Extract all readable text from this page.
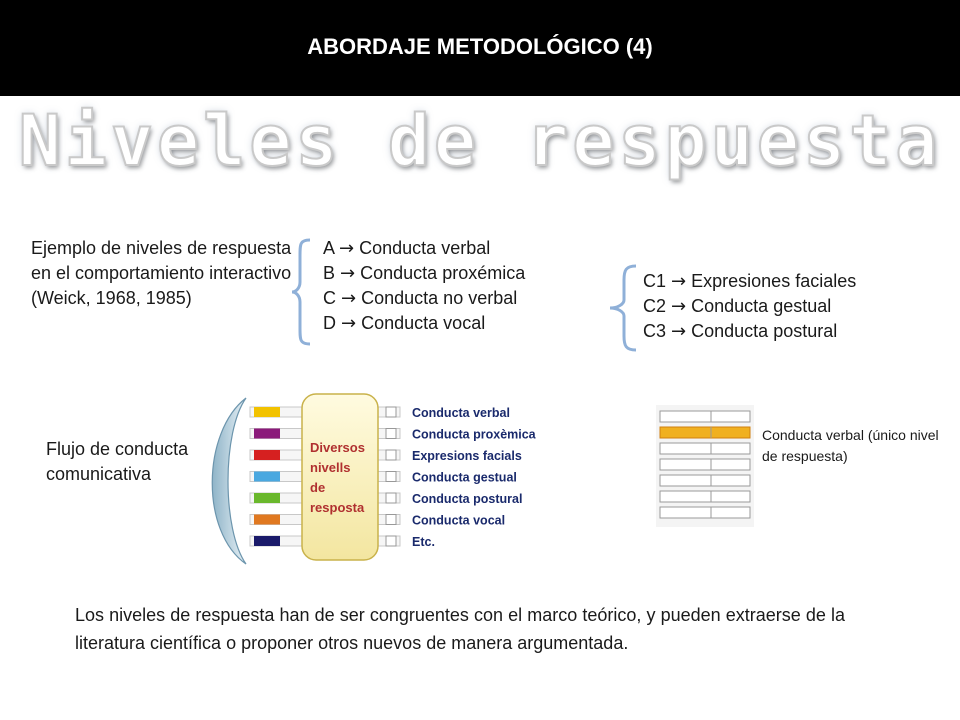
ABORDAJE METODOLÓGICO (4)
Niveles de respuesta
Ejemplo de niveles de respuesta en el comportamiento interactivo (Weick, 1968, 1985)
A → Conducta verbal
B → Conducta proxémica
C → Conducta no verbal
D → Conducta vocal
C1 → Expresiones faciales
C2 → Conducta gestual
C3 → Conducta postural
Flujo de conducta comunicativa
Diversos
nivells
de
resposta
Conducta verbal
Conducta proxèmica
Expresions facials
Conducta gestual
Conducta postural
Conducta vocal
Etc.
Conducta verbal (único nivel de respuesta)
Los niveles de respuesta han de ser congruentes con el marco teórico, y pueden extraerse de la literatura científica o proponer otros nuevos de manera argumentada.
